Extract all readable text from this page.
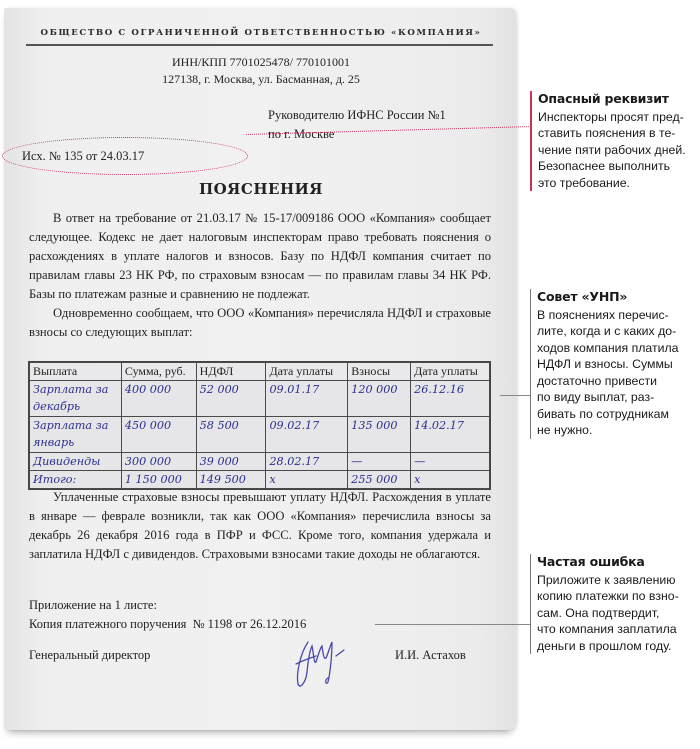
ОБЩЕСТВО С ОГРАНИЧЕННОЙ ОТВЕТСТВЕННОСТЬЮ «КОМПАНИЯ»
ИНН/КПП 7701025478/ 770101001
127138, г. Москва, ул. Басманная, д. 25
Руководителю ИФНС России №1
по г. Москве
Исх. № 135 от 24.03.17
ПОЯСНЕНИЯ
В ответ на требование от 21.03.17 № 15-17/009186 ООО «Компания» сообщает следующее. Кодекс не дает налоговым инспекторам право требовать пояснения о расхождениях в уплате налогов и взносов. Базу по НДФЛ компания считает по правилам главы 23 НК РФ, по страховым взносам — по правилам главы 34 НК РФ. Базы по платежам разные и сравнению не подлежат.
Одновременно сообщаем, что ООО «Компания» перечисляла НДФЛ и страховые взносы со следующих выплат:
Выплата	Сумма, руб.	НДФЛ	Дата уплаты	Взносы	Дата уплаты
Зарплата за декабрь	400 000	52 000	09.01.17	120 000	26.12.16
Зарплата за январь	450 000	58 500	09.02.17	135 000	14.02.17
Дивиденды	300 000	39 000	28.02.17	—	—
Итого:	1 150 000	149 500	x	255 000	x
Уплаченные страховые взносы превышают уплату НДФЛ. Расхождения в уплате в январе — феврале возникли, так как ООО «Компания» перечислила взносы за декабрь 26 декабря 2016 года в ПФР и ФСС. Кроме того, компания удержала и заплатила НДФЛ с дивидендов. Страховыми взносами такие доходы не облагаются.
Приложение на 1 листе:
Копия платежного поручения  № 1198 от 26.12.2016
Генеральный директор	И.И. Астахов
Опасный реквизит
Инспекторы просят пред-
ставить пояснения в те-
чение пяти рабочих дней.
Безопаснее выполнить
это требование.
Совет «УНП»
В пояснениях перечис-
лите, когда и с каких до-
ходов компания платила
НДФЛ и взносы. Суммы
достаточно привести
по виду выплат, раз-
бивать по сотрудникам
не нужно.
Частая ошибка
Приложите к заявлению
копию платежки по взно-
сам. Она подтвердит,
что компания заплатила
деньги в прошлом году.
